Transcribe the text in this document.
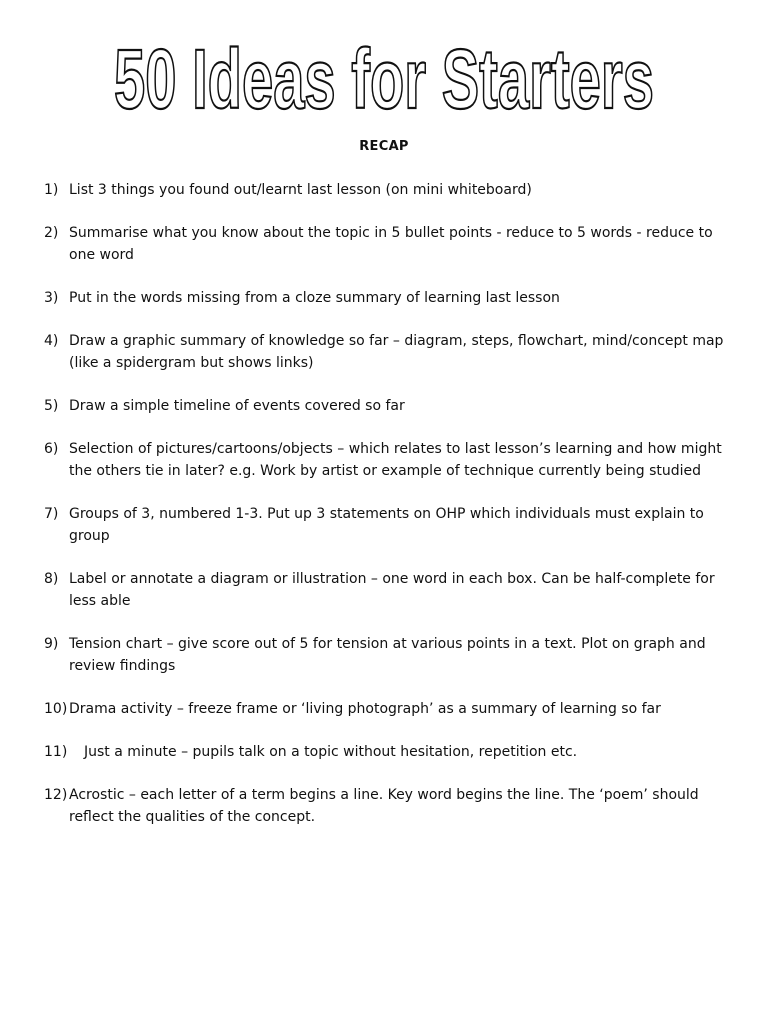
50 Ideas for Starters
RECAP
1) List 3 things you found out/learnt last lesson (on mini whiteboard)
2) Summarise what you know about the topic in 5 bullet points - reduce to 5 words - reduce to one word
3) Put in the words missing from a cloze summary of learning last lesson
4) Draw a graphic summary of knowledge so far – diagram, steps, flowchart, mind/concept map (like a spidergram but shows links)
5) Draw a simple timeline of events covered so far
6) Selection of pictures/cartoons/objects – which relates to last lesson’s learning and how might the others tie in later? e.g. Work by artist or example of technique currently being studied
7) Groups of 3, numbered 1-3. Put up 3 statements on OHP which individuals must explain to group
8) Label or annotate a diagram or illustration – one word in each box. Can be half-complete for less able
9) Tension chart – give score out of 5 for tension at various points in a text. Plot on graph and review findings
10) Drama activity – freeze frame or ‘living photograph’ as a summary of learning so far
11)	Just a minute – pupils talk on a topic without hesitation, repetition etc.
12) Acrostic – each letter of a term begins a line. Key word begins the line. The ‘poem’ should reflect the qualities of the concept.
